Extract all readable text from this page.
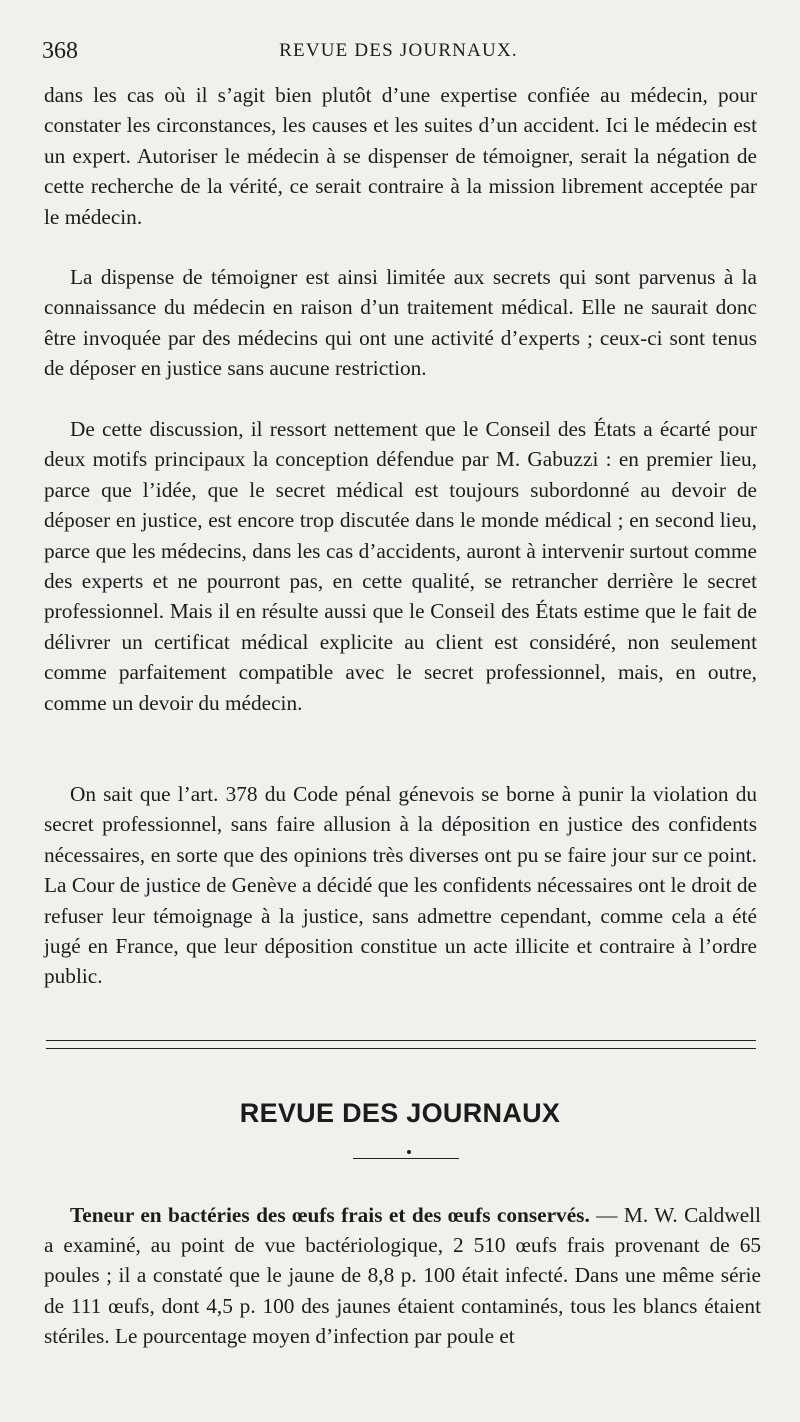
368	REVUE DES JOURNAUX.

dans les cas où il s’agit bien plutôt d’une expertise confiée au médecin, pour constater les circonstances, les causes et les suites d’un accident. Ici le médecin est un expert. Autoriser le médecin à se dispenser de témoigner, serait la négation de cette recherche de la vérité, ce serait contraire à la mission librement acceptée par le médecin.

La dispense de témoigner est ainsi limitée aux secrets qui sont parvenus à la connaissance du médecin en raison d’un traitement médical. Elle ne saurait donc être invoquée par des médecins qui ont une activité d’experts ; ceux-ci sont tenus de déposer en justice sans aucune restriction.

De cette discussion, il ressort nettement que le Conseil des États a écarté pour deux motifs principaux la conception défendue par M. Gabuzzi : en premier lieu, parce que l’idée, que le secret médical est toujours subordonné au devoir de déposer en justice, est encore trop discutée dans le monde médical ; en second lieu, parce que les médecins, dans les cas d’accidents, auront à intervenir surtout comme des experts et ne pourront pas, en cette qualité, se retrancher derrière le secret professionnel. Mais il en résulte aussi que le Conseil des États estime que le fait de délivrer un certificat médical explicite au client est considéré, non seulement comme parfaitement compatible avec le secret professionnel, mais, en outre, comme un devoir du médecin.

On sait que l’art. 378 du Code pénal génevois se borne à punir la violation du secret professionnel, sans faire allusion à la déposition en justice des confidents nécessaires, en sorte que des opinions très diverses ont pu se faire jour sur ce point. La Cour de justice de Genève a décidé que les confidents nécessaires ont le droit de refuser leur témoignage à la justice, sans admettre cependant, comme cela a été jugé en France, que leur déposition constitue un acte illicite et contraire à l’ordre public.

REVUE DES JOURNAUX

Teneur en bactéries des œufs frais et des œufs conservés. — M. W. Caldwell a examiné, au point de vue bactériologique, 2 510 œufs frais provenant de 65 poules ; il a constaté que le jaune de 8,8 p. 100 était infecté. Dans une même série de 111 œufs, dont 4,5 p. 100 des jaunes étaient contaminés, tous les blancs étaient stériles. Le pourcentage moyen d’infection par poule et
